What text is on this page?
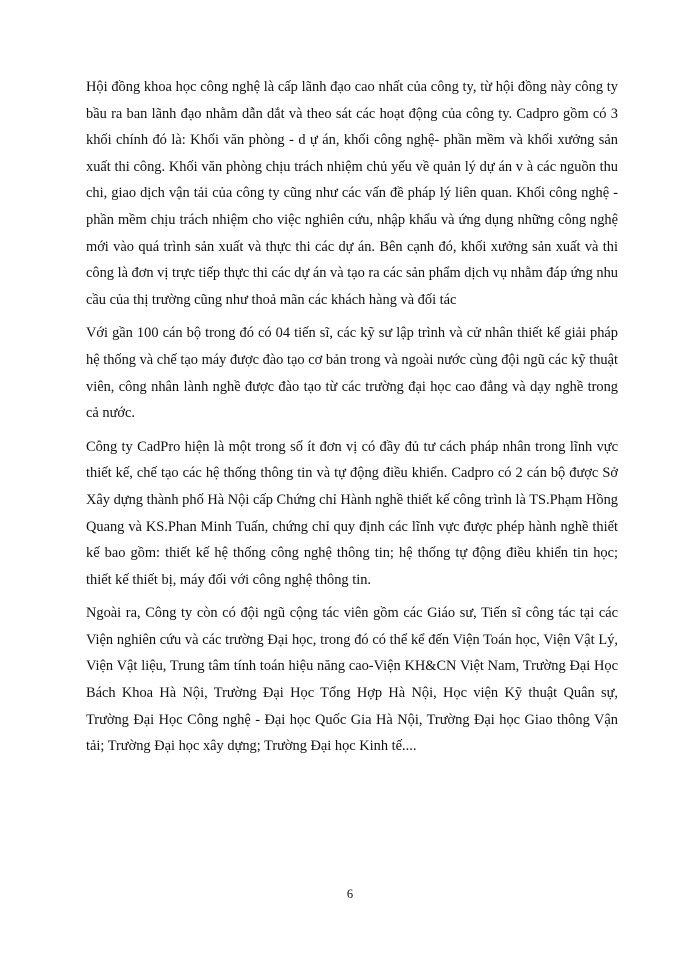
Hội đồng khoa học công nghệ là cấp lãnh đạo cao nhất của công ty, từ hội đồng này công ty bầu ra ban lãnh đạo nhằm dẫn dắt và theo sát các hoạt động của công ty. Cadpro gồm có 3 khối chính đó là: Khối văn phòng - d ự án, khối công nghệ- phần mềm và khối xưởng sản xuất thi công. Khối văn phòng chịu trách nhiệm chủ yếu về quản lý dự án v à các nguồn thu chi, giao dịch vận tải của công ty cũng như các vấn đề pháp lý liên quan. Khối công nghệ - phần mềm chịu trách nhiệm cho việc nghiên cứu, nhập khẩu và ứng dụng những công nghệ mới vào quá trình sản xuất và thực thi các dự án. Bên cạnh đó, khối xưởng sản xuất và thi công là đơn vị trực tiếp thực thi các dự án và tạo ra các sản phẩm dịch vụ nhằm đáp ứng nhu cầu của thị trường cũng như thoả mãn các khách hàng và đối tác

Với gần 100 cán bộ trong đó có 04 tiến sĩ, các kỹ sư lập trình và cử nhân thiết kế giải pháp hệ thống và chế tạo máy được đào tạo cơ bản trong và ngoài nước cùng đội ngũ các kỹ thuật viên, công nhân lành nghề được đào tạo từ các trường đại học cao đẳng và dạy nghề trong cả nước.

Công ty CadPro hiện là một trong số ít đơn vị có đầy đủ tư cách pháp nhân trong lĩnh vực thiết kế, chế tạo các hệ thống thông tin và tự động điều khiển. Cadpro có 2 cán bộ được Sở Xây dựng thành phố Hà Nội cấp Chứng chỉ Hành nghề thiết kế công trình là TS.Phạm Hồng Quang và KS.Phan Minh Tuấn, chứng chỉ quy định các lĩnh vực được phép hành nghề thiết kế bao gồm: thiết kế hệ thống công nghệ thông tin; hệ thống tự động điều khiển tin học; thiết kế thiết bị, máy đối với công nghệ thông tin.

Ngoài ra, Công ty còn có đội ngũ cộng tác viên gồm các Giáo sư, Tiến sĩ công tác tại các Viện nghiên cứu và các trường Đại học, trong đó có thể kể đến Viện Toán học, Viện Vật Lý, Viện Vật liệu, Trung tâm tính toán hiệu năng cao-Viện KH&CN Việt Nam, Trường Đại Học Bách Khoa Hà Nội, Trường Đại Học Tổng Hợp Hà Nội, Học viện Kỹ thuật Quân sự, Trường Đại Học Công nghệ - Đại học Quốc Gia Hà Nội, Trường Đại học Giao thông Vận tải; Trường Đại học xây dựng; Trường Đại học Kinh tế....

6
